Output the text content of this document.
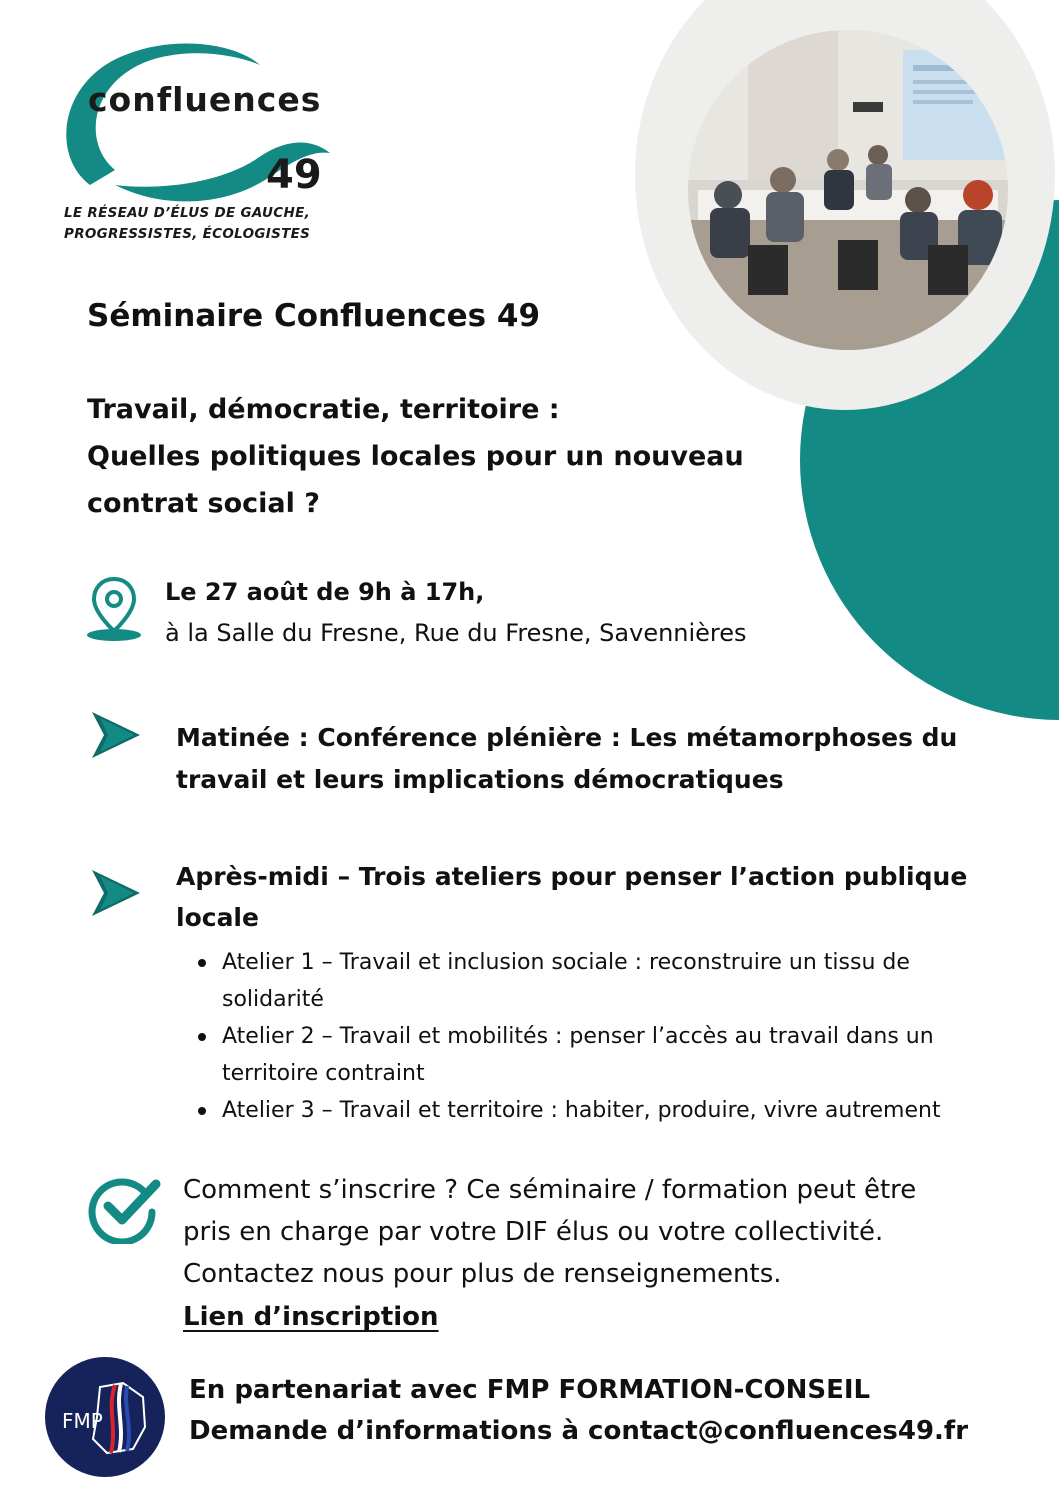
confluences
49
LE RÉSEAU D’ÉLUS DE GAUCHE,
PROGRESSISTES, ÉCOLOGISTES
Séminaire Confluences 49
Travail, démocratie, territoire :
Quelles politiques locales pour un nouveau
contrat social ?
Le 27 août de 9h à 17h,
à la Salle du Fresne, Rue du Fresne, Savennières
Matinée : Conférence plénière : Les métamorphoses du
travail et leurs implications démocratiques
Après-midi – Trois ateliers pour penser l’action publique
locale
Atelier 1 – Travail et inclusion sociale : reconstruire un tissu de
solidarité
Atelier 2 – Travail et mobilités : penser l’accès au travail dans un
territoire contraint
Atelier 3 – Travail et territoire : habiter, produire, vivre autrement
Comment s’inscrire ? Ce séminaire / formation peut être
pris en charge par votre DIF élus ou votre collectivité.
Contactez nous pour plus de renseignements.
Lien d’inscription
FMP
En partenariat avec FMP FORMATION-CONSEIL
Demande d’informations à contact@confluences49.fr
